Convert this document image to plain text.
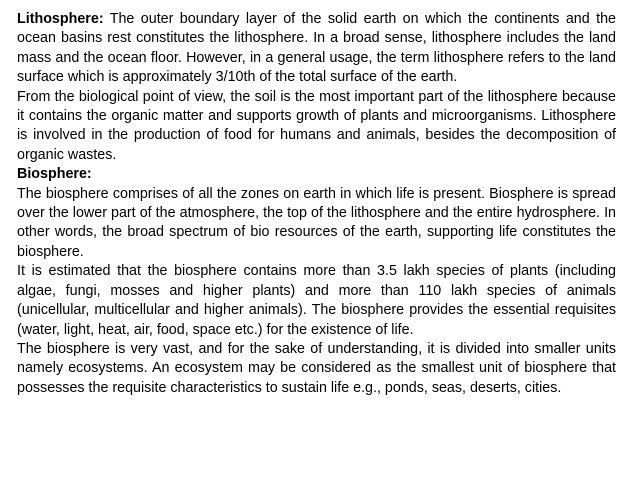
Lithosphere: The outer boundary layer of the solid earth on which the continents and the ocean basins rest constitutes the lithosphere. In a broad sense, lithosphere includes the land mass and the ocean floor. However, in a general usage, the term lithosphere refers to the land surface which is approximately 3/10th of the total surface of the earth.

From the biological point of view, the soil is the most important part of the lithosphere because it contains the organic matter and supports growth of plants and microorganisms. Lithosphere is involved in the production of food for humans and animals, besides the decomposition of organic wastes.

Biosphere:

The biosphere comprises of all the zones on earth in which life is present. Biosphere is spread over the lower part of the atmosphere, the top of the lithosphere and the entire hydrosphere. In other words, the broad spectrum of bio resources of the earth, supporting life constitutes the biosphere.

It is estimated that the biosphere contains more than 3.5 lakh species of plants (including algae, fungi, mosses and higher plants) and more than 110 lakh species of animals (unicellular, multicellular and higher animals). The biosphere provides the essential requisites (water, light, heat, air, food, space etc.) for the existence of life.

The biosphere is very vast, and for the sake of understanding, it is divided into smaller units namely ecosystems. An ecosystem may be considered as the smallest unit of biosphere that possesses the requisite characteristics to sustain life e.g., ponds, seas, deserts, cities.
